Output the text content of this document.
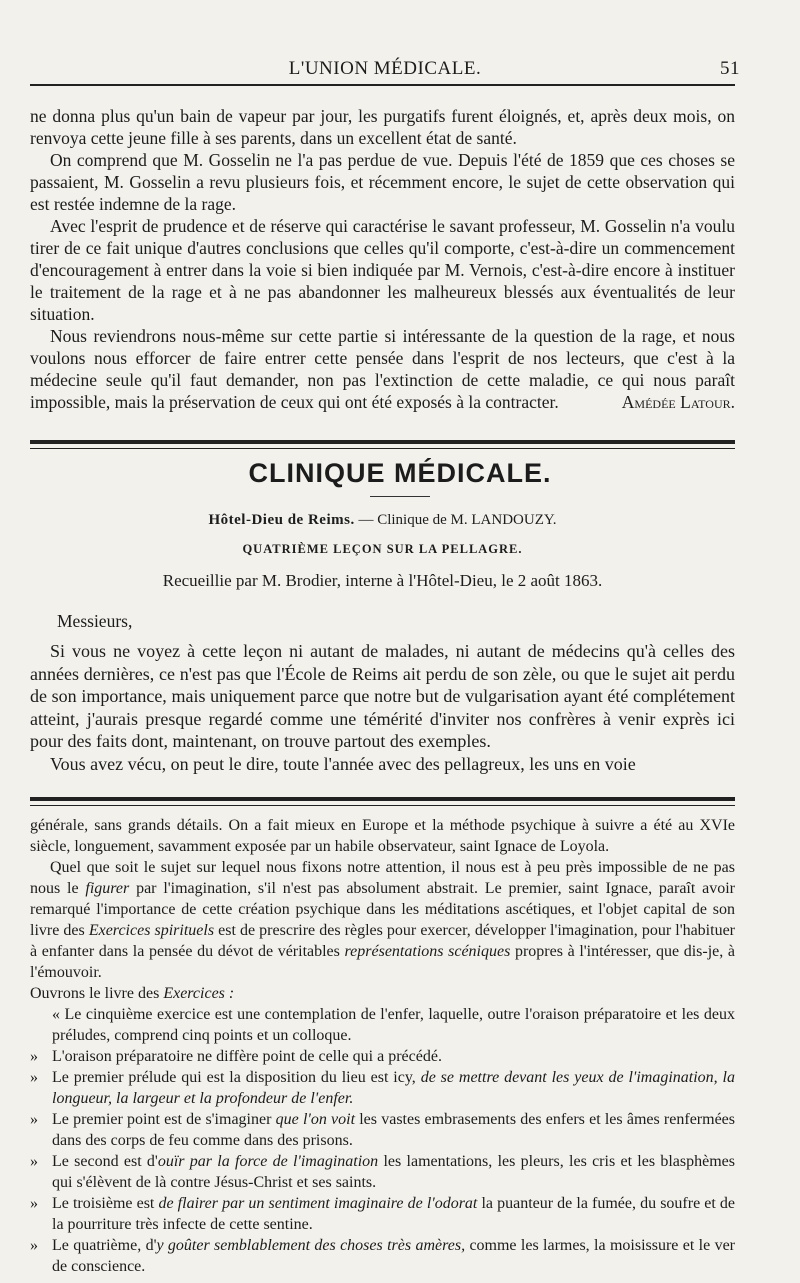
L'UNION MÉDICALE.	51

ne donna plus qu'un bain de vapeur par jour, les purgatifs furent éloignés, et, après deux mois, on renvoya cette jeune fille à ses parents, dans un excellent état de santé.

On comprend que M. Gosselin ne l'a pas perdue de vue. Depuis l'été de 1859 que ces choses se passaient, M. Gosselin a revu plusieurs fois, et récemment encore, le sujet de cette observation qui est restée indemne de la rage.

Avec l'esprit de prudence et de réserve qui caractérise le savant professeur, M. Gosselin n'a voulu tirer de ce fait unique d'autres conclusions que celles qu'il comporte, c'est-à-dire un commencement d'encouragement à entrer dans la voie si bien indiquée par M. Vernois, c'est-à-dire encore à instituer le traitement de la rage et à ne pas abandonner les malheureux blessés aux éventualités de leur situation.

Nous reviendrons nous-même sur cette partie si intéressante de la question de la rage, et nous voulons nous efforcer de faire entrer cette pensée dans l'esprit de nos lecteurs, que c'est à la médecine seule qu'il faut demander, non pas l'extinction de cette maladie, ce qui nous paraît impossible, mais la préservation de ceux qui ont été exposés à la contracter.	Amédée Latour.

CLINIQUE MÉDICALE.
Hôtel-Dieu de Reims. — Clinique de M. LANDOUZY.
QUATRIÈME LEÇON SUR LA PELLAGRE.
Recueillie par M. Brodier, interne à l'Hôtel-Dieu, le 2 août 1863.
Messieurs,

Si vous ne voyez à cette leçon ni autant de malades, ni autant de médecins qu'à celles des années dernières, ce n'est pas que l'École de Reims ait perdu de son zèle, ou que le sujet ait perdu de son importance, mais uniquement parce que notre but de vulgarisation ayant été complétement atteint, j'aurais presque regardé comme une témérité d'inviter nos confrères à venir exprès ici pour des faits dont, maintenant, on trouve partout des exemples.

Vous avez vécu, on peut le dire, toute l'année avec des pellagreux, les uns en voie

générale, sans grands détails. On a fait mieux en Europe et la méthode psychique à suivre a été au XVIe siècle, longuement, savamment exposée par un habile observateur, saint Ignace de Loyola.

Quel que soit le sujet sur lequel nous fixons notre attention, il nous est à peu près impossible de ne pas nous le figurer par l'imagination, s'il n'est pas absolument abstrait. Le premier, saint Ignace, paraît avoir remarqué l'importance de cette création psychique dans les méditations ascétiques, et l'objet capital de son livre des Exercices spirituels est de prescrire des règles pour exercer, développer l'imagination, pour l'habituer à enfanter dans la pensée du dévot de véritables représentations scéniques propres à l'intéresser, que dis-je, à l'émouvoir.

Ouvrons le livre des Exercices :

« Le cinquième exercice est une contemplation de l'enfer, laquelle, outre l'oraison préparatoire et les deux préludes, comprend cinq points et un colloque.

» L'oraison préparatoire ne diffère point de celle qui a précédé.

» Le premier prélude qui est la disposition du lieu est icy, de se mettre devant les yeux de l'imagination, la longueur, la largeur et la profondeur de l'enfer.

» Le premier point est de s'imaginer que l'on voit les vastes embrasements des enfers et les âmes renfermées dans des corps de feu comme dans des prisons.

» Le second est d'ouïr par la force de l'imagination les lamentations, les pleurs, les cris et les blasphèmes qui s'élèvent de là contre Jésus-Christ et ses saints.

» Le troisième est de flairer par un sentiment imaginaire de l'odorat la puanteur de la fumée, du soufre et de la pourriture très infecte de cette sentine.

» Le quatrième, d'y goûter semblablement des choses très amères, comme les larmes, la moisissure et le ver de conscience.
